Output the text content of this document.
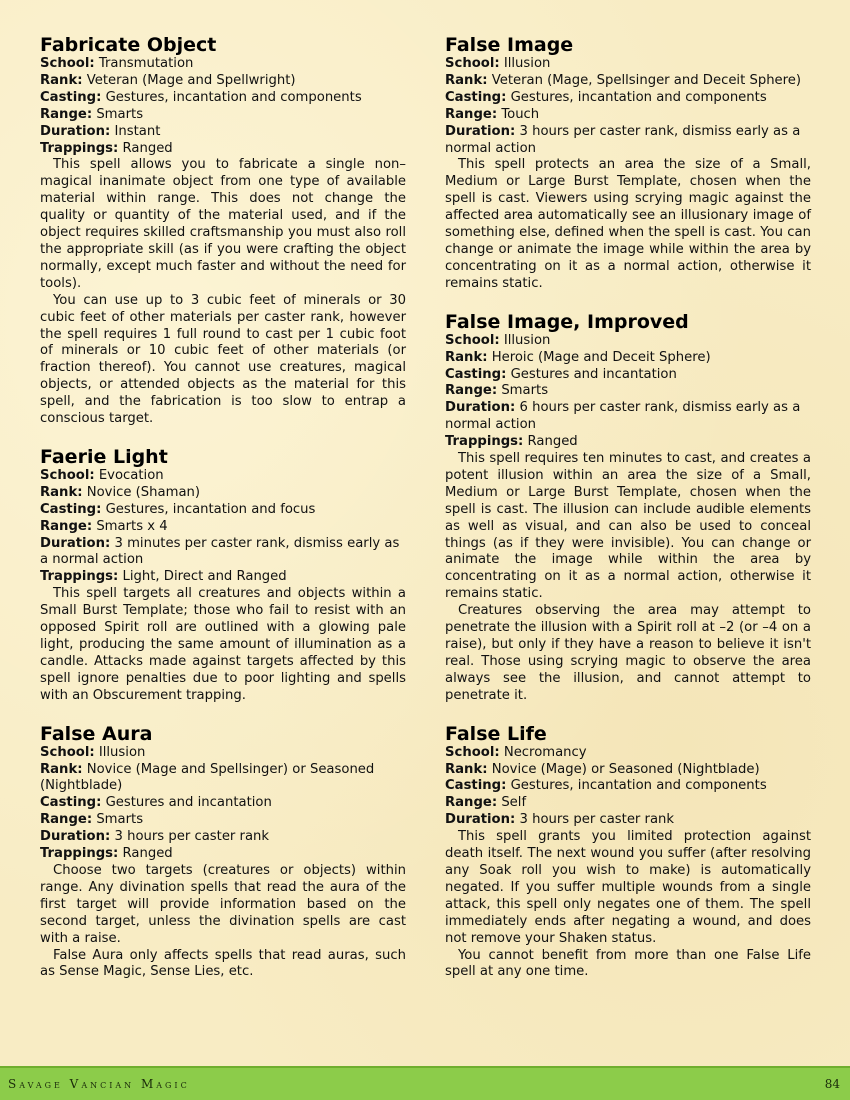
Fabricate Object
School: Transmutation
Rank: Veteran (Mage and Spellwright)
Casting: Gestures, incantation and components
Range: Smarts
Duration: Instant
Trappings: Ranged

This spell allows you to fabricate a single non–magical inanimate object from one type of available material within range. This does not change the quality or quantity of the material used, and if the object requires skilled craftsmanship you must also roll the appropriate skill (as if you were crafting the object normally, except much faster and without the need for tools).

You can use up to 3 cubic feet of minerals or 30 cubic feet of other materials per caster rank, however the spell requires 1 full round to cast per 1 cubic foot of minerals or 10 cubic feet of other materials (or fraction thereof). You cannot use creatures, magical objects, or attended objects as the material for this spell, and the fabrication is too slow to entrap a conscious target.

Faerie Light
School: Evocation
Rank: Novice (Shaman)
Casting: Gestures, incantation and focus
Range: Smarts x 4
Duration: 3 minutes per caster rank, dismiss early as a normal action
Trappings: Light, Direct and Ranged

This spell targets all creatures and objects within a Small Burst Template; those who fail to resist with an opposed Spirit roll are outlined with a glowing pale light, producing the same amount of illumination as a candle. Attacks made against targets affected by this spell ignore penalties due to poor lighting and spells with an Obscurement trapping.

False Aura
School: Illusion
Rank: Novice (Mage and Spellsinger) or Seasoned (Nightblade)
Casting: Gestures and incantation
Range: Smarts
Duration: 3 hours per caster rank
Trappings: Ranged

Choose two targets (creatures or objects) within range. Any divination spells that read the aura of the first target will provide information based on the second target, unless the divination spells are cast with a raise.

False Aura only affects spells that read auras, such as Sense Magic, Sense Lies, etc.

False Image
School: Illusion
Rank: Veteran (Mage, Spellsinger and Deceit Sphere)
Casting: Gestures, incantation and components
Range: Touch
Duration: 3 hours per caster rank, dismiss early as a normal action

This spell protects an area the size of a Small, Medium or Large Burst Template, chosen when the spell is cast. Viewers using scrying magic against the affected area automatically see an illusionary image of something else, defined when the spell is cast. You can change or animate the image while within the area by concentrating on it as a normal action, otherwise it remains static.

False Image, Improved
School: Illusion
Rank: Heroic (Mage and Deceit Sphere)
Casting: Gestures and incantation
Range: Smarts
Duration: 6 hours per caster rank, dismiss early as a normal action
Trappings: Ranged

This spell requires ten minutes to cast, and creates a potent illusion within an area the size of a Small, Medium or Large Burst Template, chosen when the spell is cast. The illusion can include audible elements as well as visual, and can also be used to conceal things (as if they were invisible). You can change or animate the image while within the area by concentrating on it as a normal action, otherwise it remains static.

Creatures observing the area may attempt to penetrate the illusion with a Spirit roll at –2 (or –4 on a raise), but only if they have a reason to believe it isn't real. Those using scrying magic to observe the area always see the illusion, and cannot attempt to penetrate it.

False Life
School: Necromancy
Rank: Novice (Mage) or Seasoned (Nightblade)
Casting: Gestures, incantation and components
Range: Self
Duration: 3 hours per caster rank

This spell grants you limited protection against death itself. The next wound you suffer (after resolving any Soak roll you wish to make) is automatically negated. If you suffer multiple wounds from a single attack, this spell only negates one of them. The spell immediately ends after negating a wound, and does not remove your Shaken status.

You cannot benefit from more than one False Life spell at any one time.

Savage Vancian Magic	84
